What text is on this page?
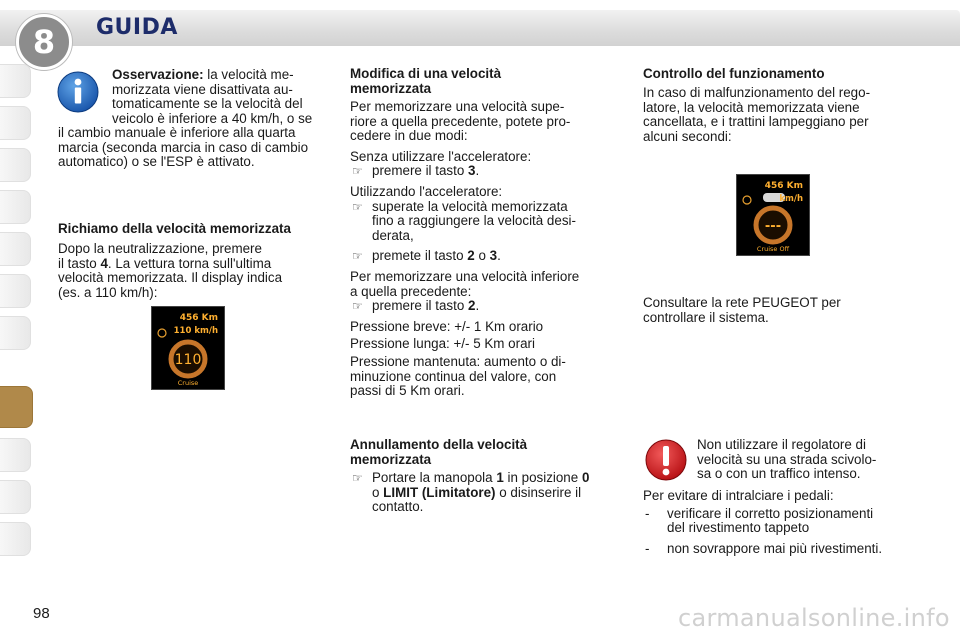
8 GUIDA
98

Osservazione: la velocità me-

morizzata viene disattivata au-

tomaticamente se la velocità del

veicolo è inferiore a 40 km/h, o se

il cambio manuale è inferiore alla quarta

marcia (seconda marcia in caso di cambio

automatico) o se l'ESP è attivato.

Richiamo della velocità memorizzata

Dopo la neutralizzazione, premere

il tasto 4. La vettura torna sull'ultima

velocità memorizzata. Il display indica

(es. a 110 km/h):

456 Km
110 km/h
110
Cruise

Modifica di una velocità

memorizzata

Per memorizzare una velocità supe-

riore a quella precedente, potete pro-

cedere in due modi:

Senza utilizzare l'acceleratore:

☞ premere il tasto 3.

Utilizzando l'acceleratore:

☞ superate la velocità memorizzata

fino a raggiungere la velocità desi-

derata,

☞ premete il tasto 2 o 3.

Per memorizzare una velocità inferiore

a quella precedente:

☞ premere il tasto 2.

Pressione breve: +/- 1 Km orario

Pressione lunga: +/- 5 Km orari

Pressione mantenuta: aumento o di-

minuzione continua del valore, con

passi di 5 Km orari.

Annullamento della velocità

memorizzata

☞ Portare la manopola 1 in posizione 0

o LIMIT (Limitatore) o disinserire il

contatto.

Controllo del funzionamento

In caso di malfunzionamento del rego-

latore, la velocità memorizzata viene

cancellata, e i trattini lampeggiano per

alcuni secondi:

456 Km
km/h
---
Cruise Off

Consultare la rete PEUGEOT per

controllare il sistema.

Non utilizzare il regolatore di

velocità su una strada scivolo-

sa o con un traffico intenso.

Per evitare di intralciare i pedali:

- verificare il corretto posizionamenti

del rivestimento tappeto

- non sovrappore mai più rivestimenti.

carmanualsonline.info
